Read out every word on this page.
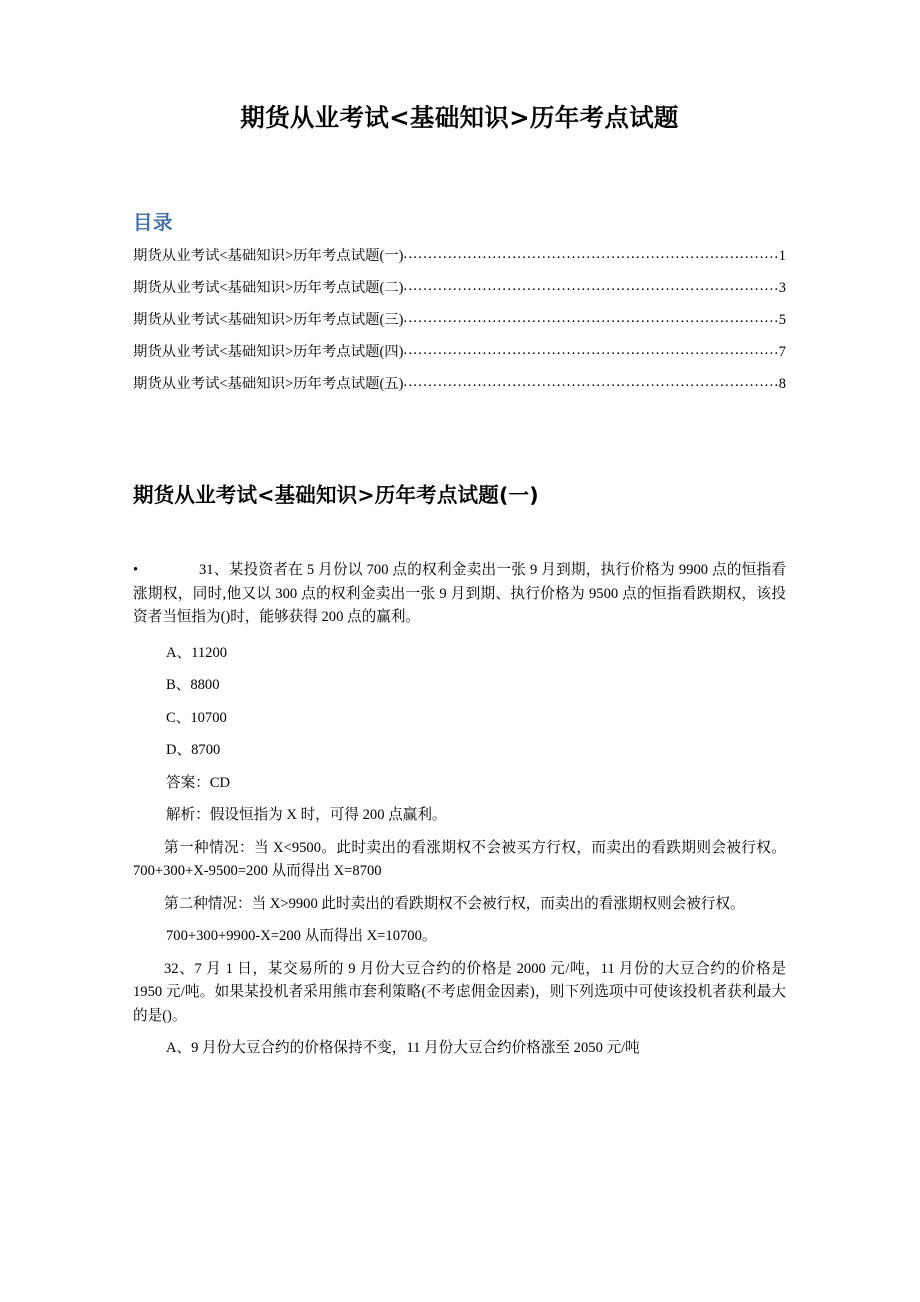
期货从业考试<基础知识>历年考点试题
目录
期货从业考试<基础知识>历年考点试题(一) .....	1
期货从业考试<基础知识>历年考点试题(二) .....	3
期货从业考试<基础知识>历年考点试题(三) .....	5
期货从业考试<基础知识>历年考点试题(四) .....	7
期货从业考试<基础知识>历年考点试题(五) .....	8
期货从业考试<基础知识>历年考点试题(一)

•	31、某投资者在 5 月份以 700 点的权利金卖出一张 9 月到期，执行价格为 9900 点的恒指看涨期权，同时,他又以 300 点的权利金卖出一张 9 月到期、执行价格为 9500 点的恒指看跌期权，该投资者当恒指为()时，能够获得 200 点的赢利。

A、11200

B、8800

C、10700

D、8700

答案：CD

解析：假设恒指为 X 时，可得 200 点赢利。

第一种情况：当 X<9500。此时卖出的看涨期权不会被买方行权，而卖出的看跌期则会被行权。700+300+X-9500=200 从而得出 X=8700

第二种情况：当 X>9900 此时卖出的看跌期权不会被行权，而卖出的看涨期权则会被行权。

700+300+9900-X=200 从而得出 X=10700。

32、7 月 1 日，某交易所的 9 月份大豆合约的价格是 2000 元/吨，11 月份的大豆合约的价格是 1950 元/吨。如果某投机者采用熊市套利策略(不考虑佣金因素)，则下列选项中可使该投机者获利最大的是()。

A、9 月份大豆合约的价格保持不变，11 月份大豆合约价格涨至 2050 元/吨
